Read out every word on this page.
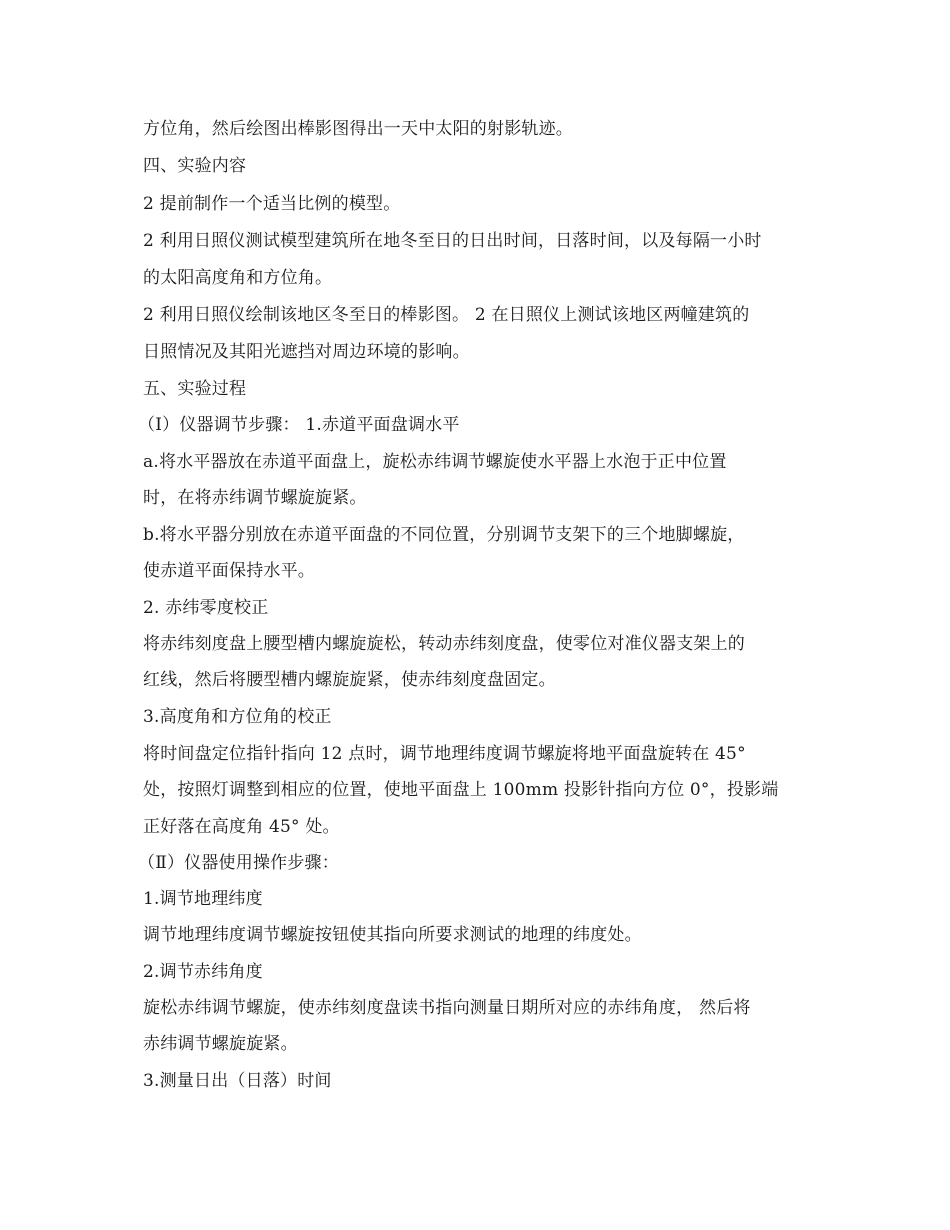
方位角，然后绘图出棒影图得出一天中太阳的射影轨迹。

四、实验内容

2 提前制作一个适当比例的模型。

2 利用日照仪测试模型建筑所在地冬至日的日出时间，日落时间，以及每隔一小时

的太阳高度角和方位角。

2 利用日照仪绘制该地区冬至日的棒影图。 2 在日照仪上测试该地区两幢建筑的

日照情况及其阳光遮挡对周边环境的影响。

五、实验过程

（Ⅰ）仪器调节步骤： 1.赤道平面盘调水平

a.将水平器放在赤道平面盘上，旋松赤纬调节螺旋使水平器上水泡于正中位置

时，在将赤纬调节螺旋旋紧。

b.将水平器分别放在赤道平面盘的不同位置，分别调节支架下的三个地脚螺旋，

使赤道平面保持水平。

2. 赤纬零度校正

将赤纬刻度盘上腰型槽内螺旋旋松，转动赤纬刻度盘，使零位对准仪器支架上的

红线，然后将腰型槽内螺旋旋紧，使赤纬刻度盘固定。

3.高度角和方位角的校正

将时间盘定位指针指向 12 点时，调节地理纬度调节螺旋将地平面盘旋转在 45°

处，按照灯调整到相应的位置，使地平面盘上 100mm 投影针指向方位 0°，投影端

正好落在高度角 45° 处。

（Ⅱ）仪器使用操作步骤：

1.调节地理纬度

调节地理纬度调节螺旋按钮使其指向所要求测试的地理的纬度处。

2.调节赤纬角度

旋松赤纬调节螺旋，使赤纬刻度盘读书指向测量日期所对应的赤纬角度， 然后将

赤纬调节螺旋旋紧。

3.测量日出（日落）时间
